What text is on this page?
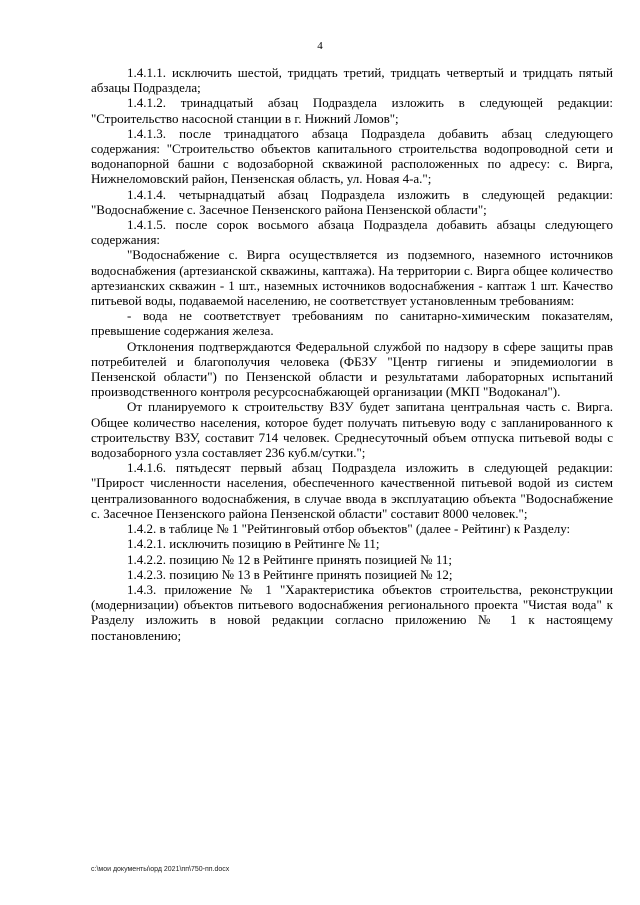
4

1.4.1.1. исключить шестой, тридцать третий, тридцать четвертый и тридцать пятый абзацы Подраздела;

1.4.1.2. тринадцатый абзац Подраздела изложить в следующей редакции: "Строительство насосной станции в г. Нижний Ломов";

1.4.1.3. после тринадцатого абзаца Подраздела добавить абзац следующего содержания: "Строительство объектов капитального строительства водопроводной сети и водонапорной башни с водозаборной скважиной расположенных по адресу: с. Вирга, Нижнеломовский район, Пензенская область, ул. Новая 4-а.";

1.4.1.4. четырнадцатый абзац Подраздела изложить в следующей редакции: "Водоснабжение с. Засечное Пензенского района Пензенской области";

1.4.1.5. после сорок восьмого абзаца Подраздела добавить абзацы следующего содержания:

"Водоснабжение с. Вирга осуществляется из подземного, наземного источников водоснабжения (артезианской скважины, каптажа). На территории с. Вирга общее количество артезианских скважин - 1 шт., наземных источников водоснабжения - каптаж 1 шт. Качество питьевой воды, подаваемой населению, не соответствует установленным требованиям:

- вода не соответствует требованиям по санитарно-химическим показателям, превышение содержания железа.

Отклонения подтверждаются Федеральной службой по надзору в сфере защиты прав потребителей и благополучия человека (ФБЗУ "Центр гигиены и эпидемиологии в Пензенской области") по Пензенской области и результатами лабораторных испытаний производственного контроля ресурсоснабжающей организации (МКП "Водоканал").

От планируемого к строительству ВЗУ будет запитана центральная часть с. Вирга. Общее количество населения, которое будет получать питьевую воду с запланированного к строительству ВЗУ, составит 714 человек. Среднесуточный объем отпуска питьевой воды с водозаборного узла составляет 236 куб.м/сутки.";

1.4.1.6. пятьдесят первый абзац Подраздела изложить в следующей редакции: "Прирост численности населения, обеспеченного качественной питьевой водой из систем централизованного водоснабжения, в случае ввода в эксплуатацию объекта "Водоснабжение с. Засечное Пензенского района Пензенской области" составит 8000 человек.";

1.4.2. в таблице № 1 "Рейтинговый отбор объектов" (далее - Рейтинг) к Разделу:

1.4.2.1. исключить позицию в Рейтинге № 11;

1.4.2.2. позицию № 12 в Рейтинге принять позицией № 11;

1.4.2.3. позицию № 13 в Рейтинге принять позицией № 12;

1.4.3. приложение № 1 "Характеристика объектов строительства, реконструкции (модернизации) объектов питьевого водоснабжения регионального проекта "Чистая вода" к Разделу изложить в новой редакции согласно приложению № 1 к настоящему постановлению;

c:\мои документы\орд 2021\пп\750-пп.docx
